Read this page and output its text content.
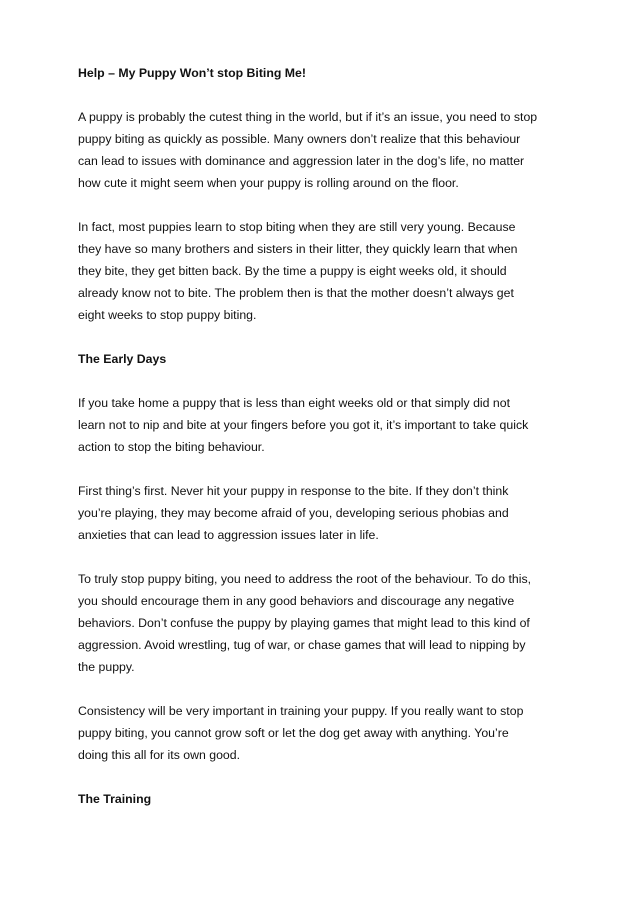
Help – My Puppy Won’t stop Biting Me!
A puppy is probably the cutest thing in the world, but if it’s an issue, you need to stop
puppy biting as quickly as possible. Many owners don’t realize that this behaviour
can lead to issues with dominance and aggression later in the dog’s life, no matter
how cute it might seem when your puppy is rolling around on the floor.
In fact, most puppies learn to stop biting when they are still very young. Because
they have so many brothers and sisters in their litter, they quickly learn that when
they bite, they get bitten back. By the time a puppy is eight weeks old, it should
already know not to bite. The problem then is that the mother doesn’t always get
eight weeks to stop puppy biting.
The Early Days
If you take home a puppy that is less than eight weeks old or that simply did not
learn not to nip and bite at your fingers before you got it, it’s important to take quick
action to stop the biting behaviour.
First thing’s first. Never hit your puppy in response to the bite. If they don’t think
you’re playing, they may become afraid of you, developing serious phobias and
anxieties that can lead to aggression issues later in life.
To truly stop puppy biting, you need to address the root of the behaviour. To do this,
you should encourage them in any good behaviors and discourage any negative
behaviors. Don’t confuse the puppy by playing games that might lead to this kind of
aggression. Avoid wrestling, tug of war, or chase games that will lead to nipping by
the puppy.
Consistency will be very important in training your puppy. If you really want to stop
puppy biting, you cannot grow soft or let the dog get away with anything. You’re
doing this all for its own good.
The Training
